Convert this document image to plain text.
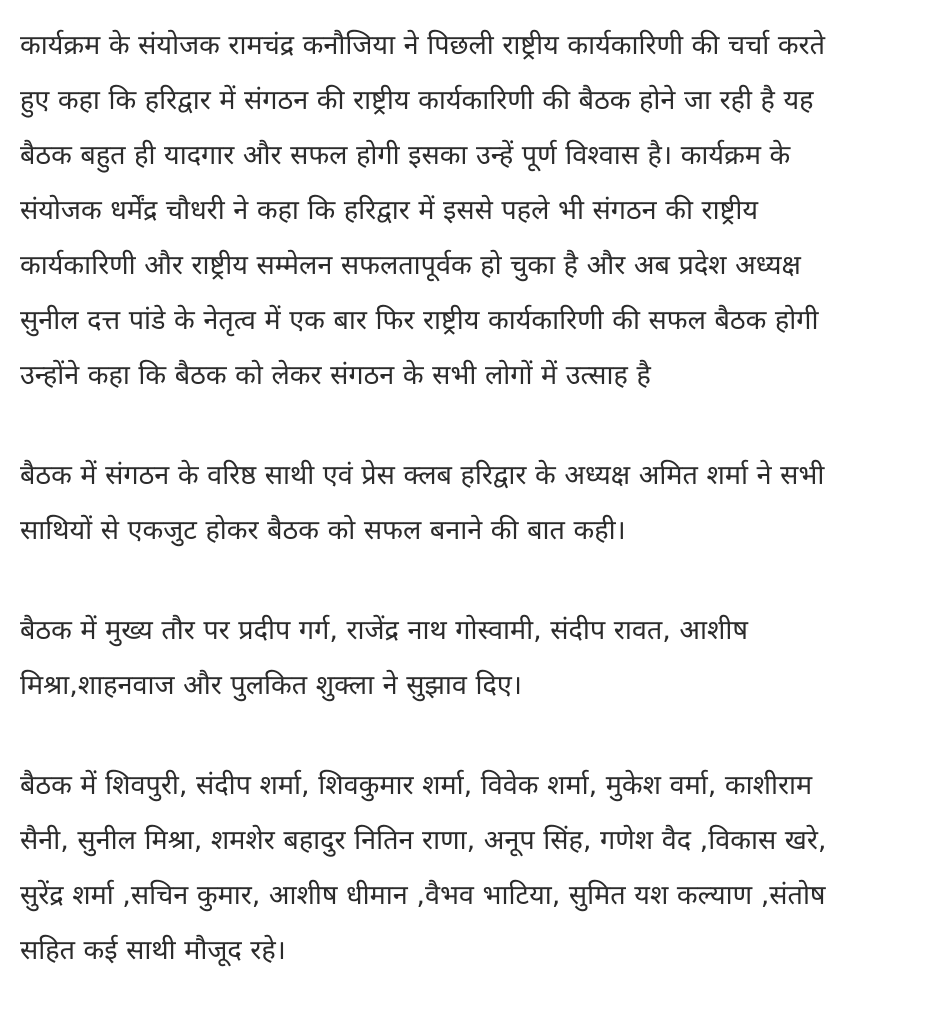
कार्यक्रम के संयोजक रामचंद्र कनौजिया ने पिछली राष्ट्रीय कार्यकारिणी की चर्चा करते
हुए कहा कि हरिद्वार में संगठन की राष्ट्रीय कार्यकारिणी की बैठक होने जा रही है यह
बैठक बहुत ही यादगार और सफल होगी इसका उन्हें पूर्ण विश्वास है। कार्यक्रम के
संयोजक धर्मेंद्र चौधरी ने कहा कि हरिद्वार में इससे पहले भी संगठन की राष्ट्रीय
कार्यकारिणी और राष्ट्रीय सम्मेलन सफलतापूर्वक हो चुका है और अब प्रदेश अध्यक्ष
सुनील दत्त पांडे के नेतृत्व में एक बार फिर राष्ट्रीय कार्यकारिणी की सफल बैठक होगी
उन्होंने कहा कि बैठक को लेकर संगठन के सभी लोगों में उत्साह है

बैठक में संगठन के वरिष्ठ साथी एवं प्रेस क्लब हरिद्वार के अध्यक्ष अमित शर्मा ने सभी
साथियों से एकजुट होकर बैठक को सफल बनाने की बात कही।

बैठक में मुख्य तौर पर प्रदीप गर्ग, राजेंद्र नाथ गोस्वामी, संदीप रावत, आशीष
मिश्रा,शाहनवाज और पुलकित शुक्ला ने सुझाव दिए।

बैठक में शिवपुरी, संदीप शर्मा, शिवकुमार शर्मा, विवेक शर्मा, मुकेश वर्मा, काशीराम
सैनी, सुनील मिश्रा, शमशेर बहादुर नितिन राणा, अनूप सिंह, गणेश वैद ,विकास खरे,
सुरेंद्र शर्मा ,सचिन कुमार, आशीष धीमान ,वैभव भाटिया, सुमित यश कल्याण ,संतोष
सहित कई साथी मौजूद रहे।
